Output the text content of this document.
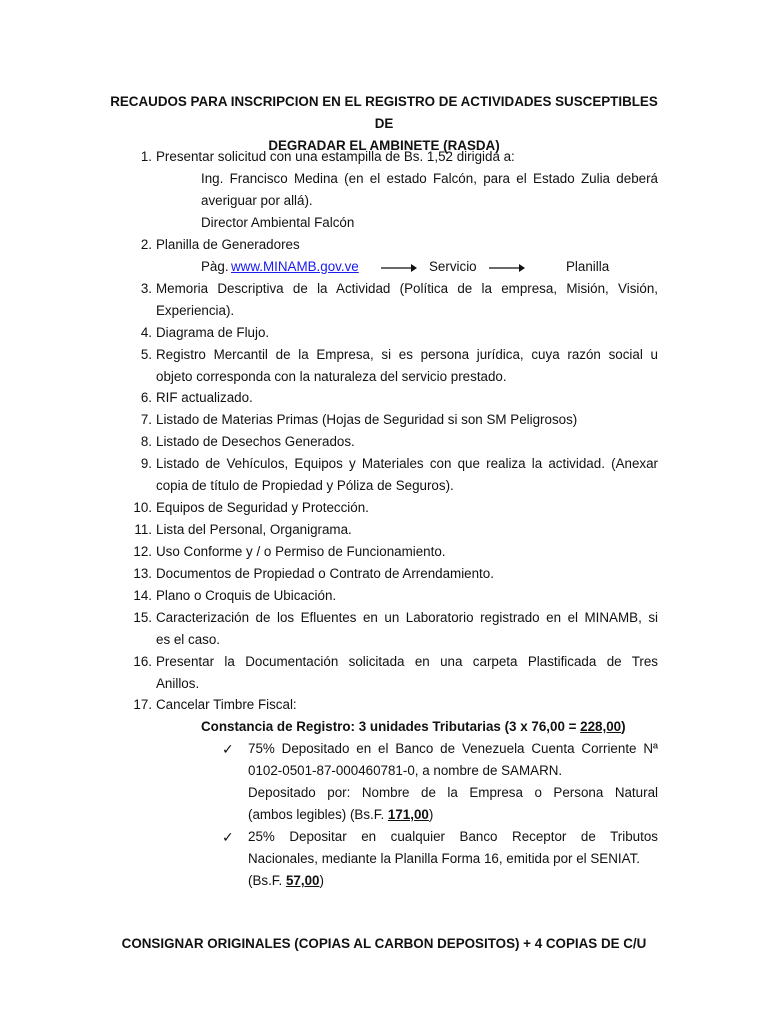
RECAUDOS PARA INSCRIPCION EN EL REGISTRO DE ACTIVIDADES SUSCEPTIBLES DE
DEGRADAR EL AMBINETE (RASDA)
1. Presentar solicitud con una estampilla de Bs. 1,52 dirigida a:
Ing. Francisco Medina (en el estado Falcón, para el Estado Zulia deberá
averiguar por allá).
Director Ambiental Falcón
2. Planilla de Generadores
Pàg. www.MINAMB.gov.ve	Servicio	Planilla
3. Memoria Descriptiva de la Actividad (Política de la empresa, Misión, Visión,
Experiencia).
4. Diagrama de Flujo.
5. Registro Mercantil de la Empresa, si es persona jurídica, cuya razón social u
objeto corresponda con la naturaleza del servicio prestado.
6. RIF actualizado.
7. Listado de Materias Primas (Hojas de Seguridad si son SM Peligrosos)
8. Listado de Desechos Generados.
9. Listado de Vehículos, Equipos y Materiales con que realiza la actividad. (Anexar
copia de título de Propiedad y Póliza de Seguros).
10. Equipos de Seguridad y Protección.
11. Lista del Personal, Organigrama.
12. Uso Conforme y / o Permiso de Funcionamiento.
13. Documentos de Propiedad o Contrato de Arrendamiento.
14. Plano o Croquis de Ubicación.
15. Caracterización de los Efluentes en un Laboratorio registrado en el MINAMB, si
es el caso.
16. Presentar la Documentación solicitada en una carpeta Plastificada de Tres
Anillos.
17. Cancelar Timbre Fiscal:
Constancia de Registro: 3 unidades Tributarias (3 x 76,00 = 228,00)
✓ 75% Depositado en el Banco de Venezuela Cuenta Corriente Nª
0102-0501-87-000460781-0, a nombre de SAMARN.
Depositado por: Nombre de la Empresa o Persona Natural
(ambos legibles) (Bs.F. 171,00)
✓ 25% Depositar en cualquier Banco Receptor de Tributos
Nacionales, mediante la Planilla Forma 16, emitida por el SENIAT.
(Bs.F. 57,00)
CONSIGNAR ORIGINALES (COPIAS AL CARBON DEPOSITOS) + 4 COPIAS DE C/U
